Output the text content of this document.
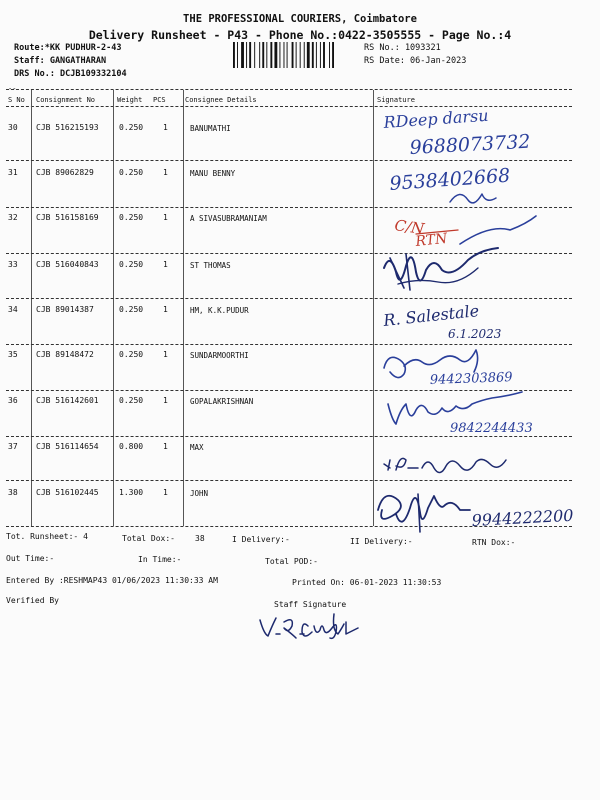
THE PROFESSIONAL COURIERS, Coimbatore
Delivery Runsheet - P43 - Phone No.:0422-3505555 - Page No.:4
Route:*KK PUDHUR-2-43
Staff: GANGATHARAN
DRS No.: DCJB109332104
RS No.: 1093321
RS Date: 06-Jan-2023
S No Consignment No	Weight PCS	Consignee Details	Signature
--
30 CJB 516215193	0.250 1	BANUMATHI
31 CJB 89062829	0.250 1	MANU BENNY
32 CJB 516158169	0.250 1	A SIVASUBRAMANIAM
33 CJB 516040843	0.250 1	ST THOMAS
34 CJB 89014387	0.250 1	HM, K.K.PUDUR
35 CJB 89148472	0.250 1	SUNDARMOORTHI
36 CJB 516142601	0.250 1	GOPALAKRISHNAN
37 CJB 516114654	0.800 1	MAX
38 CJB 516102445	1.300 1	JOHN
RDeep darsu
9688073732
9538402668
C/N
RTN
R. Salestale
6.1.2023
9442303869
9842244433
9944222200
Tot. Runsheet:- 4	Total Dox:-	38	I Delivery:-	II Delivery:-	RTN Dox:-
Out Time:-	In Time:-	Total POD:-
Entered By :RESHMAP43 01/06/2023 11:30:33 AM	Printed On: 06-01-2023 11:30:53
Verified By	Staff Signature
